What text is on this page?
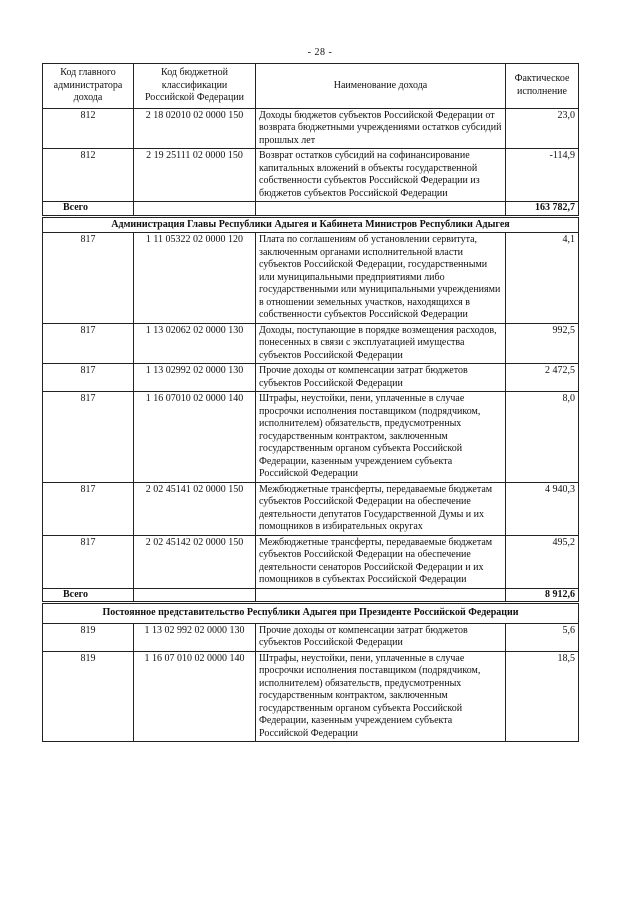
- 28 -
Код главного администратора дохода	Код бюджетной классификации Российской Федерации	Наименование дохода	Фактическое исполнение
812	2 18 02010 02 0000 150	Доходы бюджетов субъектов Российской Федерации от возврата бюджетными учреждениями остатков субсидий прошлых лет	23,0
812	2 19 25111 02 0000 150	Возврат остатков субсидий на софинансирование капитальных вложений в объекты государственной собственности субъектов Российской Федерации из бюджетов субъектов Российской Федерации	-114,9
Всего			163 782,7
Администрация Главы Республики Адыгея и Кабинета Министров Республики Адыгея			
817	1 11 05322 02 0000 120	Плата по соглашениям об установлении сервитута, заключенным органами исполнительной власти субъектов Российской Федерации, государственными или муниципальными предприятиями либо государственными или муниципальными учреждениями в отношении земельных участков, находящихся в собственности субъектов Российской Федерации	4,1
817	1 13 02062 02 0000 130	Доходы, поступающие в порядке возмещения расходов, понесенных в связи с эксплуатацией имущества субъектов Российской Федерации	992,5
817	1 13 02992 02 0000 130	Прочие доходы от компенсации затрат бюджетов субъектов Российской Федерации	2 472,5
817	1 16 07010 02 0000 140	Штрафы, неустойки, пени, уплаченные в случае просрочки исполнения поставщиком (подрядчиком, исполнителем) обязательств, предусмотренных государственным контрактом, заключенным государственным органом субъекта Российской Федерации, казенным учреждением субъекта Российской Федерации	8,0
817	2 02 45141 02 0000 150	Межбюджетные трансферты, передаваемые бюджетам субъектов Российской Федерации на обеспечение деятельности депутатов Государственной Думы и их помощников в избирательных округах	4 940,3
817	2 02 45142 02 0000 150	Межбюджетные трансферты, передаваемые бюджетам субъектов Российской Федерации на обеспечение деятельности сенаторов Российской Федерации и их помощников в субъектах Российской Федерации	495,2
Всего			8 912,6
Постоянное представительство Республики Адыгея при Президенте Российской Федерации			
819	1 13 02 992 02 0000 130	Прочие доходы от компенсации затрат бюджетов субъектов Российской Федерации	5,6
819	1 16 07 010 02 0000 140	Штрафы, неустойки, пени, уплаченные в случае просрочки исполнения поставщиком (подрядчиком, исполнителем) обязательств, предусмотренных государственным контрактом, заключенным государственным органом субъекта Российской Федерации, казенным учреждением субъекта Российской Федерации	18,5
